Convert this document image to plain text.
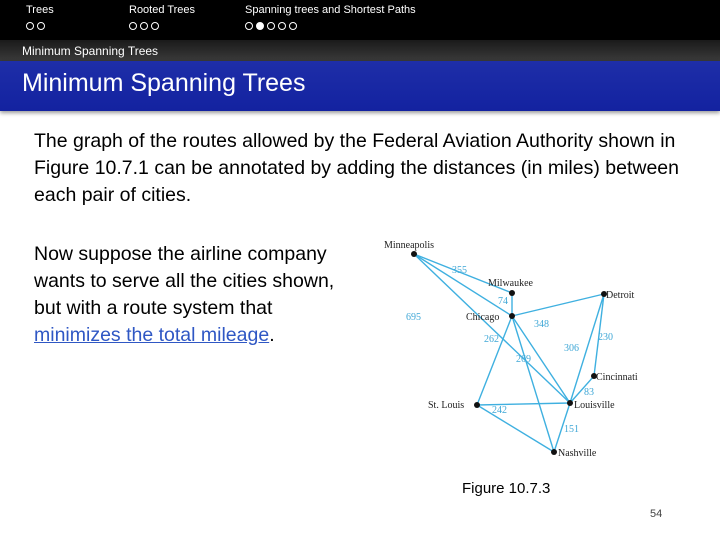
Trees	Rooted Trees	Spanning trees and Shortest Paths
Minimum Spanning Trees
Minimum Spanning Trees
The graph of the routes allowed by the Federal Aviation Authority shown in Figure 10.7.1 can be annotated by adding the distances (in miles) between each pair of cities.
Now suppose the airline company wants to serve all the cities shown, but with a route system that minimizes the total mileage.
Minneapolis
Milwaukee
Detroit
Chicago
Cincinnati
St. Louis	Louisville
Nashville
355
74
695
348
262
269
230
306
83
242
151
Figure 10.7.3
54
